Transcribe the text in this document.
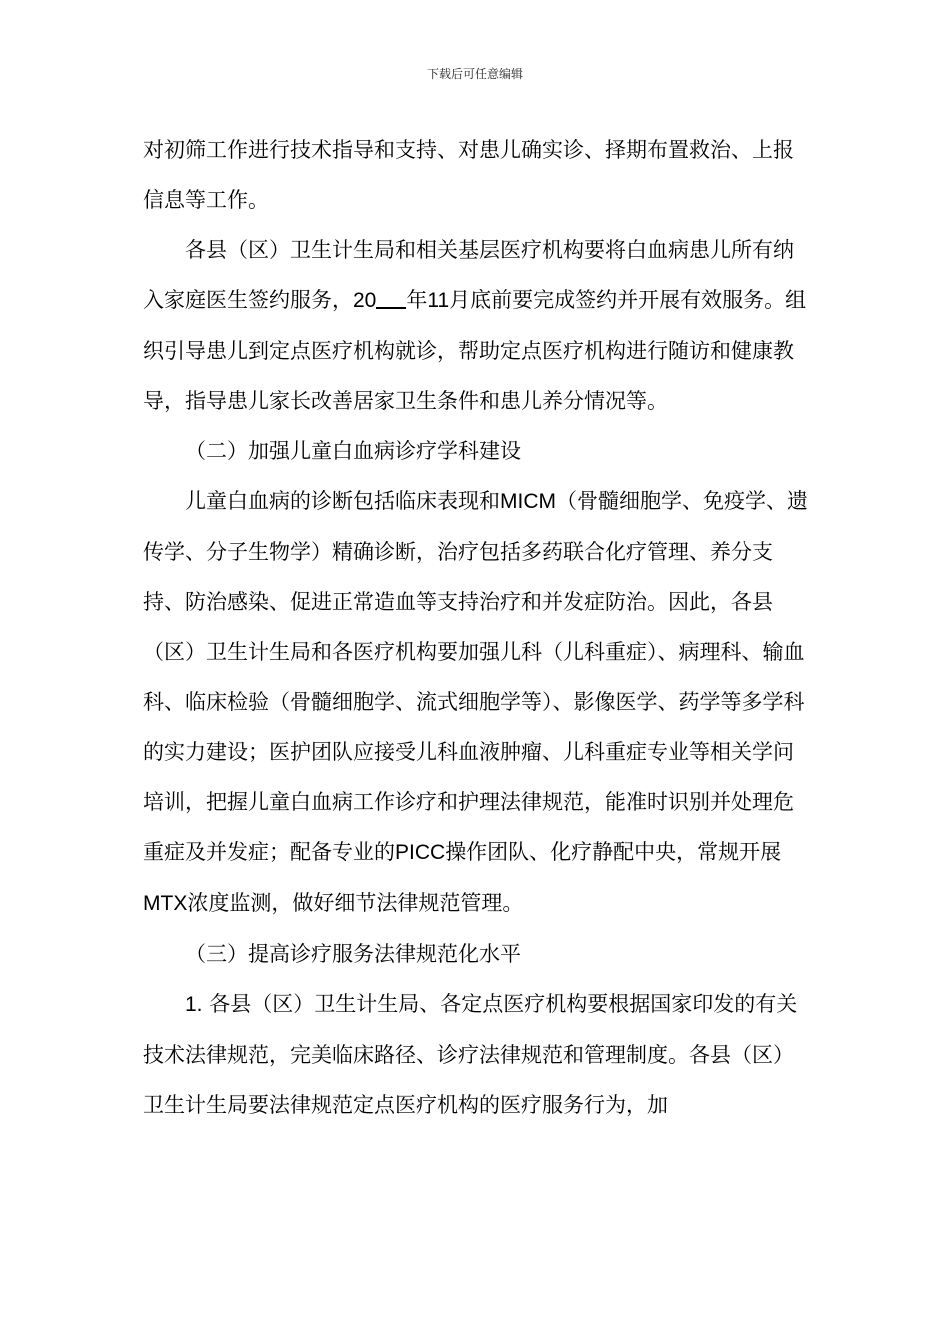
下载后可任意编辑

对初筛工作进行技术指导和支持、对患儿确实诊、择期布置救治、上报信息等工作。

各县（区）卫生计生局和相关基层医疗机构要将白血病患儿所有纳入家庭医生签约服务，20 年11月底前要完成签约并开展有效服务。组织引导患儿到定点医疗机构就诊，帮助定点医疗机构进行随访和健康教导，指导患儿家长改善居家卫生条件和患儿养分情况等。

（二）加强儿童白血病诊疗学科建设

儿童白血病的诊断包括临床表现和MICM（骨髓细胞学、免疫学、遗传学、分子生物学）精确诊断，治疗包括多药联合化疗管理、养分支持、防治感染、促进正常造血等支持治疗和并发症防治。因此，各县（区）卫生计生局和各医疗机构要加强儿科（儿科重症）、病理科、输血科、临床检验（骨髓细胞学、流式细胞学等）、影像医学、药学等多学科的实力建设；医护团队应接受儿科血液肿瘤、儿科重症专业等相关学问培训，把握儿童白血病工作诊疗和护理法律规范，能准时识别并处理危重症及并发症；配备专业的PICC操作团队、化疗静配中央，常规开展MTX浓度监测，做好细节法律规范管理。

（三）提高诊疗服务法律规范化水平

1. 各县（区）卫生计生局、各定点医疗机构要根据国家印发的有关技术法律规范，完美临床路径、诊疗法律规范和管理制度。各县（区）卫生计生局要法律规范定点医疗机构的医疗服务行为，加
